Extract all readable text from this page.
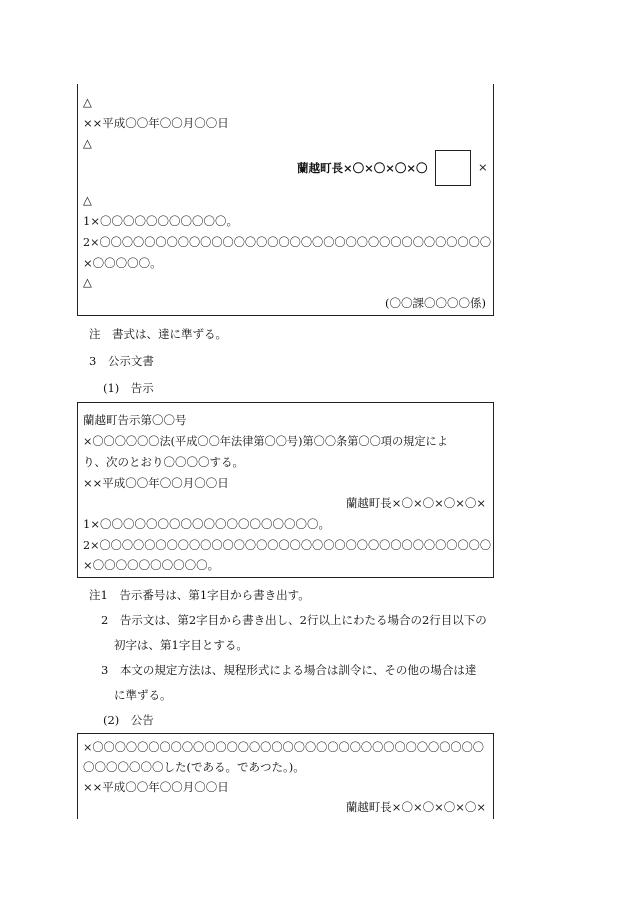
△
××平成〇〇年〇〇月〇〇日
△
蘭越町長×〇×〇×〇×〇	×
△
1×〇〇〇〇〇〇〇〇〇〇〇。
2×〇〇〇〇〇〇〇〇〇〇〇〇〇〇〇〇〇〇〇〇〇〇〇〇〇〇〇〇〇〇〇〇〇〇〇
×〇〇〇〇〇。
△
(〇〇課〇〇〇〇係)
注　書式は、達に準ずる。
3　公示文書
(1)　告示
蘭越町告示第〇〇号
×〇〇〇〇〇〇法(平成〇〇年法律第〇〇号)第〇〇条第〇〇項の規定によ
り、次のとおり〇〇〇〇する。
××平成〇〇年〇〇月〇〇日
蘭越町長×〇×〇×〇×〇×
1×〇〇〇〇〇〇〇〇〇〇〇〇〇〇〇〇〇〇〇。
2×〇〇〇〇〇〇〇〇〇〇〇〇〇〇〇〇〇〇〇〇〇〇〇〇〇〇〇〇〇〇〇〇〇〇〇
×〇〇〇〇〇〇〇〇〇〇。
注1　告示番号は、第1字目から書き出す。
2　告示文は、第2字目から書き出し、2行以上にわたる場合の2行目以下の
初字は、第1字目とする。
3　本文の規定方法は、規程形式による場合は訓令に、その他の場合は達
に準ずる。
(2)　公告
×〇〇〇〇〇〇〇〇〇〇〇〇〇〇〇〇〇〇〇〇〇〇〇〇〇〇〇〇〇〇〇〇〇〇〇
〇〇〇〇〇〇〇した(である。であつた。)。
××平成〇〇年〇〇月〇〇日
蘭越町長×〇×〇×〇×〇×
